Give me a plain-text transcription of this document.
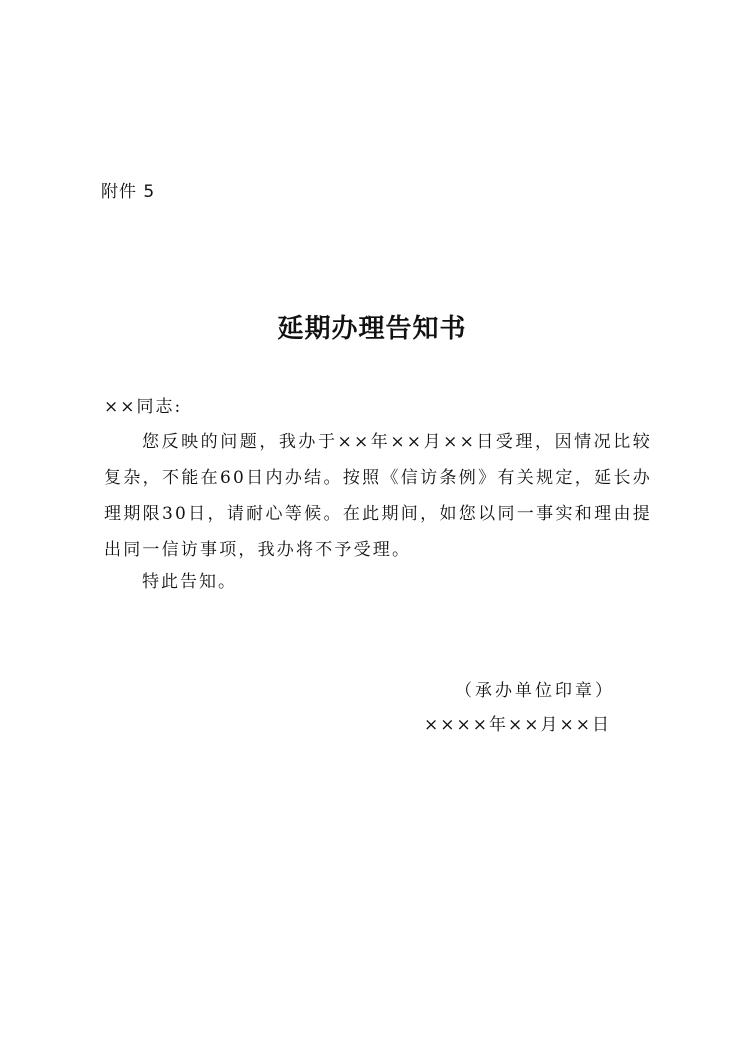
附件 5
延期办理告知书
××同志:

您反映的问题，我办于××年××月××日受理，因情况比较复杂，不能在60日内办结。按照《信访条例》有关规定，延长办理期限30日，请耐心等候。在此期间，如您以同一事实和理由提出同一信访事项，我办将不予受理。

特此告知。
（承办单位印章）
××××年××月××日
